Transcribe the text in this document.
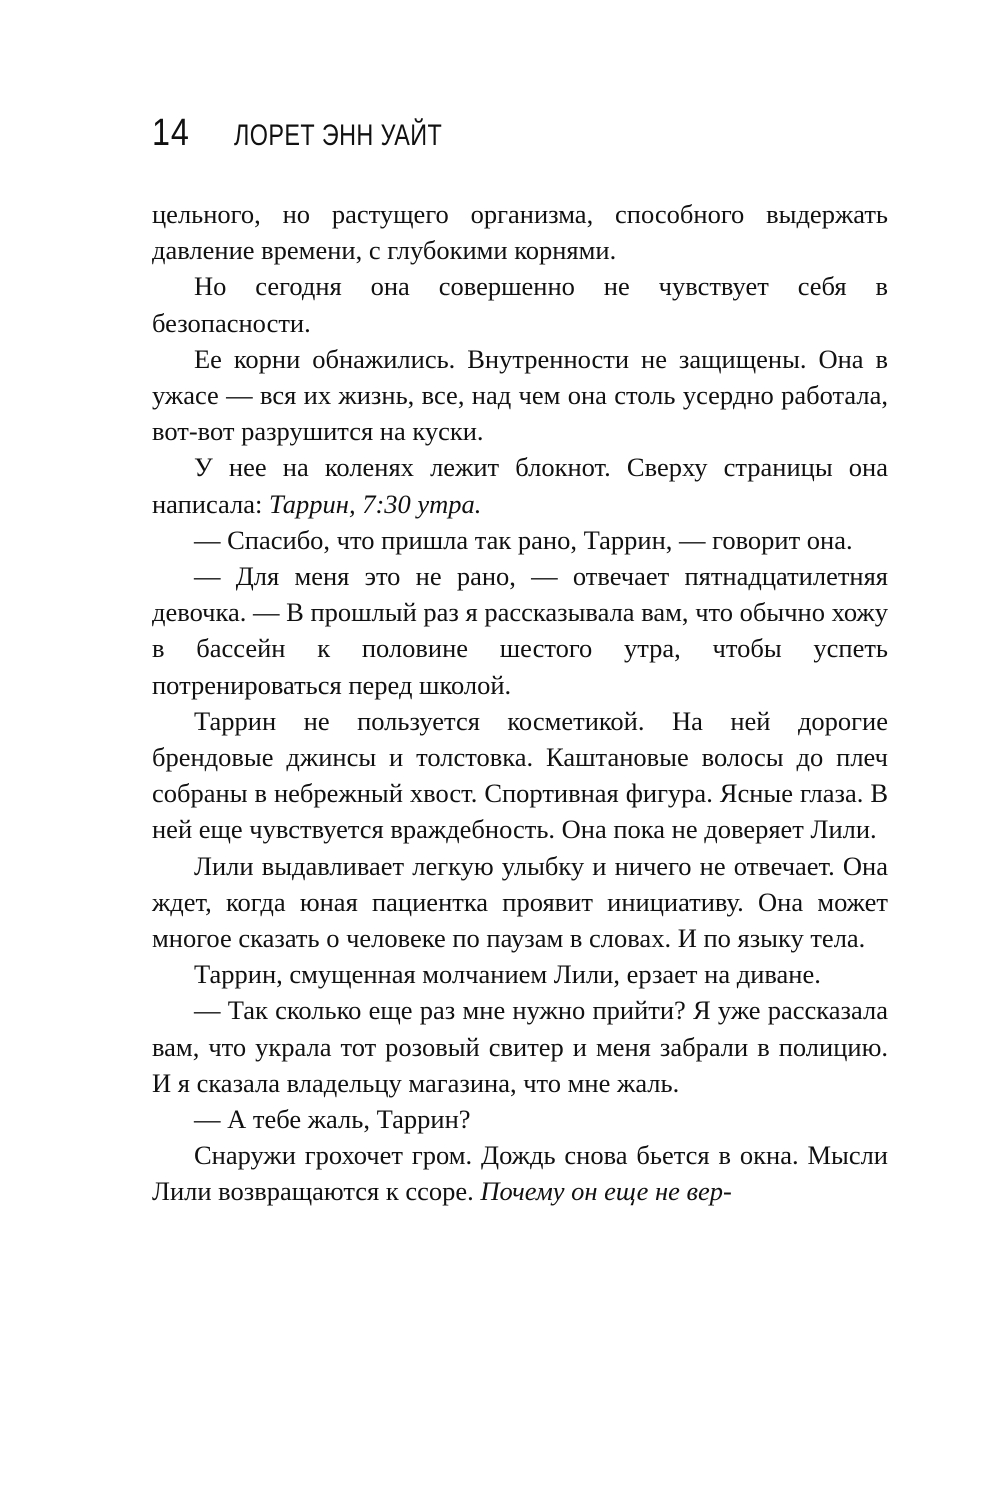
14 ЛОРЕТ ЭНН УАЙТ

цельного, но растущего организма, способного выдержать давление времени, с глубокими корнями.

Но сегодня она совершенно не чувствует себя в безопасности.

Ее корни обнажились. Внутренности не защищены. Она в ужасе — вся их жизнь, все, над чем она столь усердно работала, вот-вот разрушится на куски.

У нее на коленях лежит блокнот. Сверху страницы она написала: Таррин, 7:30 утра.

— Спасибо, что пришла так рано, Таррин, — говорит она.

— Для меня это не рано, — отвечает пятнадцатилетняя девочка. — В прошлый раз я рассказывала вам, что обычно хожу в бассейн к половине шестого утра, чтобы успеть потренироваться перед школой.

Таррин не пользуется косметикой. На ней дорогие брендовые джинсы и толстовка. Каштановые волосы до плеч собраны в небрежный хвост. Спортивная фигура. Ясные глаза. В ней еще чувствуется враждебность. Она пока не доверяет Лили.

Лили выдавливает легкую улыбку и ничего не отвечает. Она ждет, когда юная пациентка проявит инициативу. Она может многое сказать о человеке по паузам в словах. И по языку тела.

Таррин, смущенная молчанием Лили, ерзает на диване.

— Так сколько еще раз мне нужно прийти? Я уже рассказала вам, что украла тот розовый свитер и меня забрали в полицию. И я сказала владельцу магазина, что мне жаль.

— А тебе жаль, Таррин?

Снаружи грохочет гром. Дождь снова бьется в окна. Мысли Лили возвращаются к ссоре. Почему он еще не вер-
